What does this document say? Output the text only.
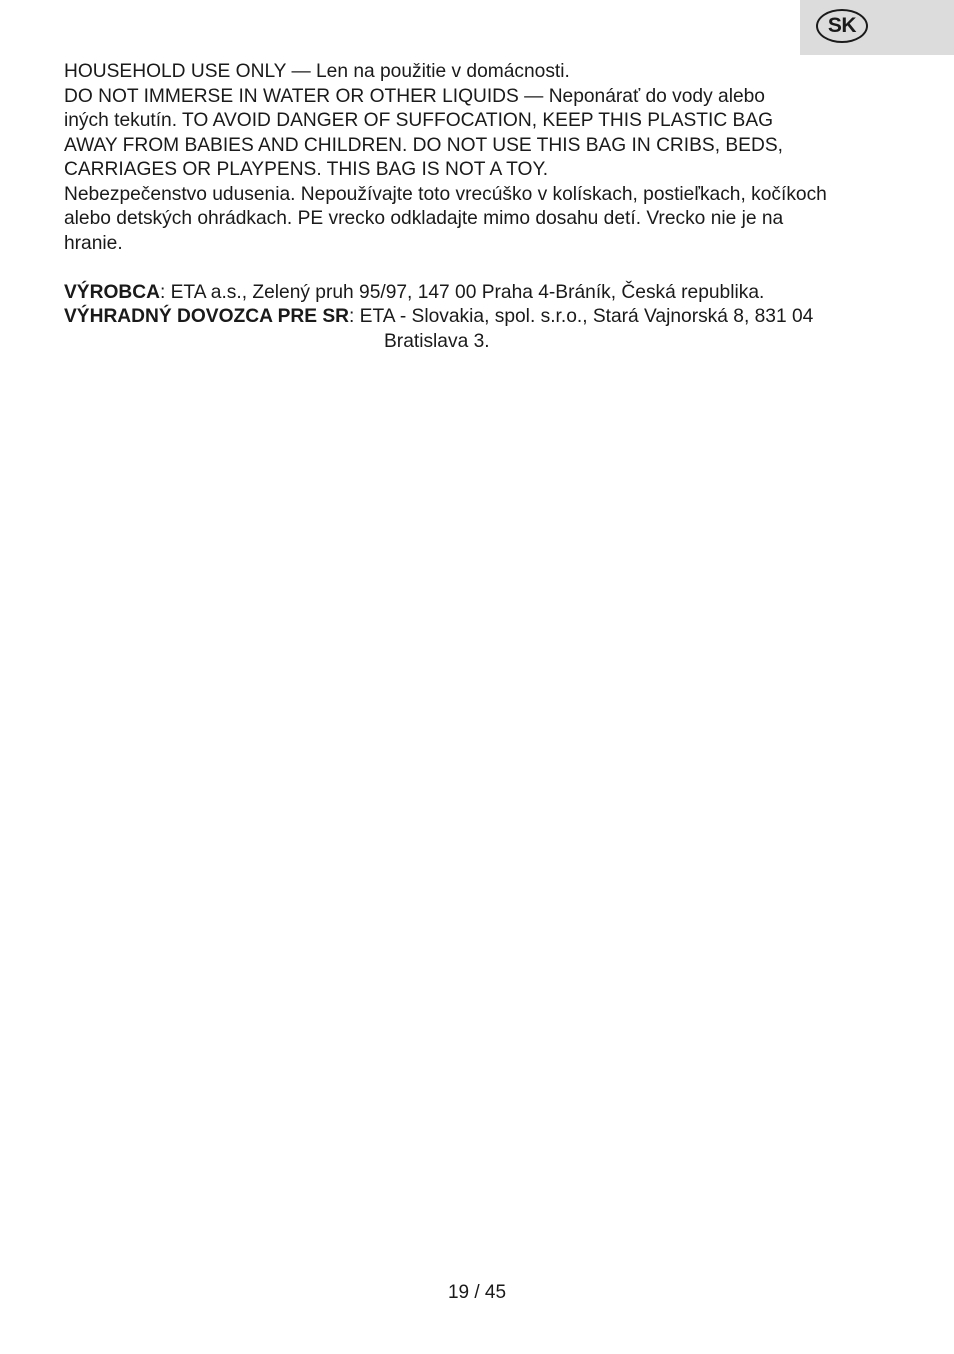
SK

HOUSEHOLD USE ONLY — Len na použitie v domácnosti.

DO NOT IMMERSE IN WATER OR OTHER LIQUIDS — Neponárať do vody alebo

iných tekutín. TO AVOID DANGER OF SUFFOCATION, KEEP THIS PLASTIC BAG

AWAY FROM BABIES AND CHILDREN. DO NOT USE THIS BAG IN CRIBS, BEDS,

CARRIAGES OR PLAYPENS. THIS BAG IS NOT A TOY.

Nebezpečenstvo udusenia. Nepoužívajte toto vrecúško v kolískach, postieľkach, kočíkoch

alebo detských ohrádkach. PE vrecko odkladajte mimo dosahu detí. Vrecko nie je na

hranie.

VÝROBCA: ETA a.s., Zelený pruh 95/97, 147 00 Praha 4-Bráník, Česká republika.

VÝHRADNÝ DOVOZCA PRE SR: ETA - Slovakia, spol. s.r.o., Stará Vajnorská 8, 831 04

Bratislava 3.

19 / 45
